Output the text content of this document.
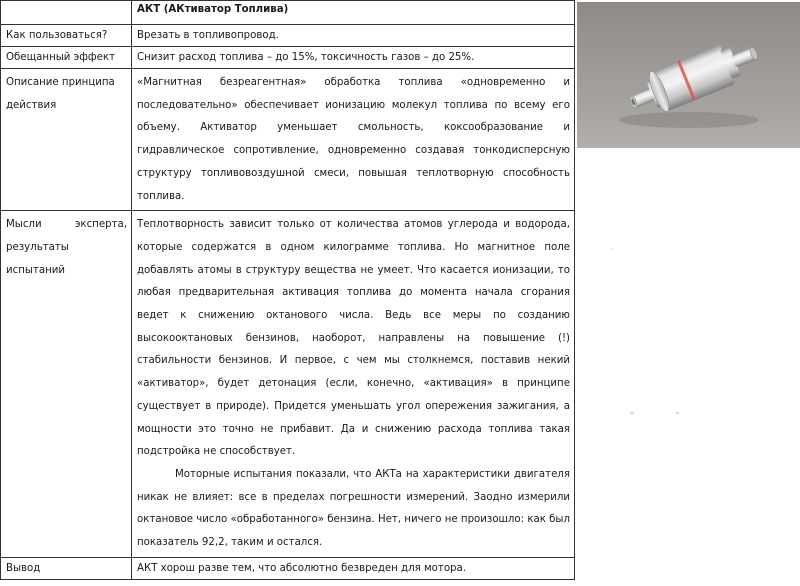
	АКТ (АКтиватор Топлива)
Как пользоваться?	Врезать в топливопровод.

Обещанный эффект	Снизит расход топлива – до 15%, токсичность газов – до 25%.

Описание принципа действия	«Магнитная безреагентная» обработка топлива «одновременно и последовательно» обеспечивает ионизацию молекул топлива по всему его объему. Активатор уменьшает смольность, коксообразование и гидравлическое сопротивление, одновременно создавая тонкодисперсную структуру топливовоздушной смеси, повышая теплотворную способность топлива.

Мысли эксперта, результаты испытаний	Теплотворность зависит только от количества атомов углерода и водорода, которые содержатся в одном килограмме топлива. Но магнитное поле добавлять атомы в структуру вещества не умеет. Что касается ионизации, то любая предварительная активация топлива до момента начала сгорания ведет к снижению октанового числа. Ведь все меры по созданию высокооктановых бензинов, наоборот, направлены на повышение (!) стабильности бензинов. И первое, с чем мы столкнемся, поставив некий «активатор», будет детонация (если, конечно, «активация» в принципе существует в природе). Придется уменьшать угол опережения зажигания, а мощности это точно не прибавит. Да и снижению расхода топлива такая подстройка не способствует.
Моторные испытания показали, что АКТа на характеристики двигателя никак не влияет: все в пределах погрешности измерений. Заодно измерили октановое число «обработанного» бензина. Нет, ничего не произошло: как был показатель 92,2, таким и остался.

Вывод	АКТ хорош разве тем, что абсолютно безвреден для мотора.
